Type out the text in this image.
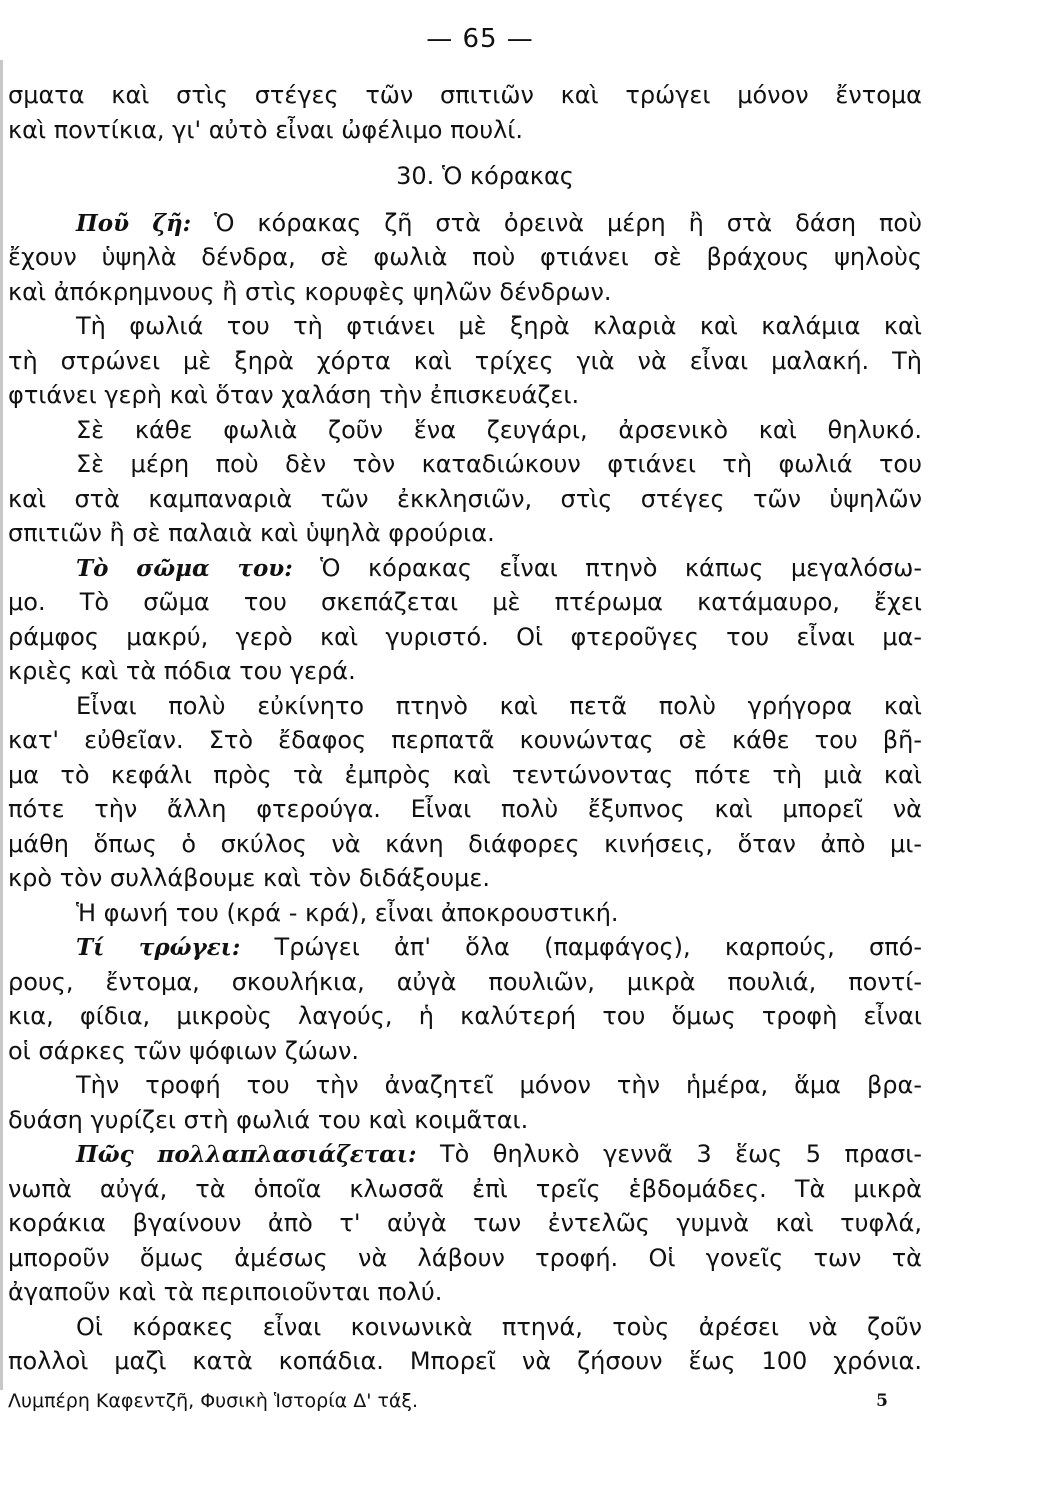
— 65 —
σματα καὶ στὶς στέγες τῶν σπιτιῶν καὶ τρώγει μόνον ἔντομα
καὶ ποντίκια, γι' αὐτὸ εἶναι ὠφέλιμο πουλί.
30. Ὁ κόρακας
Ποῦ ζῆ: Ὁ κόρακας ζῆ στὰ ὀρεινὰ μέρη ἢ στὰ δάση ποὺ
ἔχουν ὑψηλὰ δένδρα, σὲ φωλιὰ ποὺ φτιάνει σὲ βράχους ψηλοὺς
καὶ ἀπόκρημνους ἢ στὶς κορυφὲς ψηλῶν δένδρων.
Τὴ φωλιά του τὴ φτιάνει μὲ ξηρὰ κλαριὰ καὶ καλάμια καὶ
τὴ στρώνει μὲ ξηρὰ χόρτα καὶ τρίχες γιὰ νὰ εἶναι μαλακή. Τὴ
φτιάνει γερὴ καὶ ὅταν χαλάση τὴν ἐπισκευάζει.
Σὲ κάθε φωλιὰ ζοῦν ἕνα ζευγάρι, ἀρσενικὸ καὶ θηλυκό.
Σὲ μέρη ποὺ δὲν τὸν καταδιώκουν φτιάνει τὴ φωλιά του
καὶ στὰ καμπαναριὰ τῶν ἐκκλησιῶν, στὶς στέγες τῶν ὑψηλῶν
σπιτιῶν ἢ σὲ παλαιὰ καὶ ὑψηλὰ φρούρια.
Τὸ σῶμα του: Ὁ κόρακας εἶναι πτηνὸ κάπως μεγαλόσω-
μο. Τὸ σῶμα του σκεπάζεται μὲ πτέρωμα κατάμαυρο, ἔχει
ράμφος μακρύ, γερὸ καὶ γυριστό. Οἱ φτεροῦγες του εἶναι μα-
κριὲς καὶ τὰ πόδια του γερά.
Εἶναι πολὺ εὐκίνητο πτηνὸ καὶ πετᾶ πολὺ γρήγορα καὶ
κατ' εὐθεῖαν. Στὸ ἔδαφος περπατᾶ κουνώντας σὲ κάθε του βῆ-
μα τὸ κεφάλι πρὸς τὰ ἐμπρὸς καὶ τεντώνοντας πότε τὴ μιὰ καὶ
πότε τὴν ἄλλη φτερούγα. Εἶναι πολὺ ἔξυπνος καὶ μπορεῖ νὰ
μάθη ὅπως ὁ σκύλος νὰ κάνη διάφορες κινήσεις, ὅταν ἀπὸ μι-
κρὸ τὸν συλλάβουμε καὶ τὸν διδάξουμε.
Ἡ φωνή του (κρά - κρά), εἶναι ἀποκρουστική.
Τί τρώγει: Τρώγει ἀπ' ὅλα (παμφάγος), καρπούς, σπό-
ρους, ἔντομα, σκουλήκια, αὐγὰ πουλιῶν, μικρὰ πουλιά, ποντί-
κια, φίδια, μικροὺς λαγούς, ἡ καλύτερή του ὅμως τροφὴ εἶναι
οἱ σάρκες τῶν ψόφιων ζώων.
Τὴν τροφή του τὴν ἀναζητεῖ μόνον τὴν ἡμέρα, ἅμα βρα-
δυάση γυρίζει στὴ φωλιά του καὶ κοιμᾶται.
Πῶς πολλαπλασιάζεται: Τὸ θηλυκὸ γεννᾶ 3 ἕως 5 πρασι-
νωπὰ αὐγά, τὰ ὁποῖα κλωσσᾶ ἐπὶ τρεῖς ἑβδομάδες. Τὰ μικρὰ
κοράκια βγαίνουν ἀπὸ τ' αὐγὰ των ἐντελῶς γυμνὰ καὶ τυφλά,
μποροῦν ὅμως ἀμέσως νὰ λάβουν τροφή. Οἱ γονεῖς των τὰ
ἀγαποῦν καὶ τὰ περιποιοῦνται πολύ.
Οἱ κόρακες εἶναι κοινωνικὰ πτηνά, τοὺς ἀρέσει νὰ ζοῦν
πολλοὶ μαζὶ κατὰ κοπάδια. Μπορεῖ νὰ ζήσουν ἕως 100 χρόνια.
Λυμπέρη Καφεντζῆ, Φυσικὴ Ἱστορία Δ' τάξ.	5
